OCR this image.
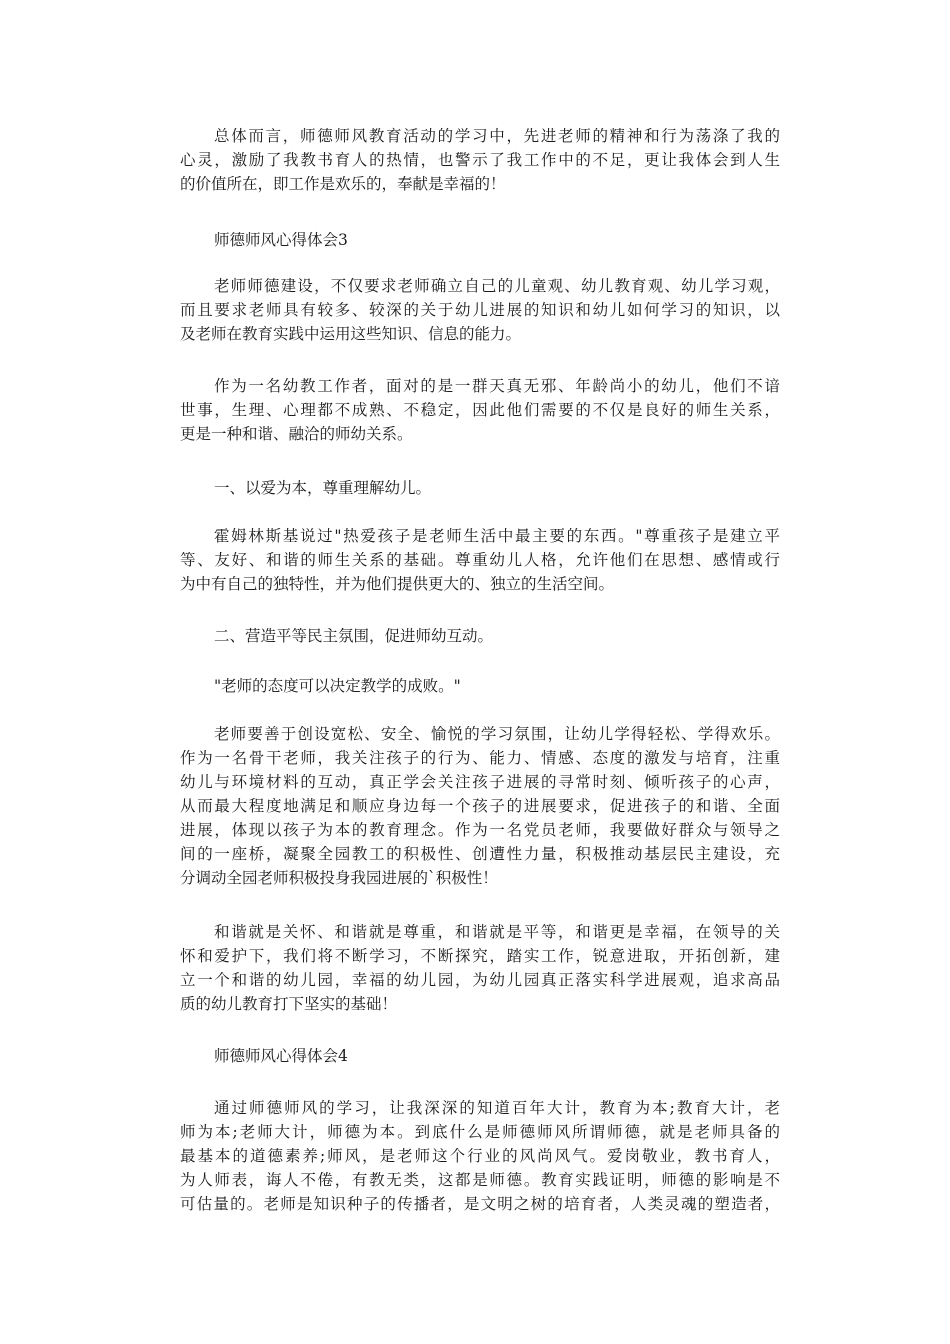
总体而言，师德师风教育活动的学习中，先进老师的精神和行为荡涤了我的
心灵，激励了我教书育人的热情，也警示了我工作中的不足，更让我体会到人生
的价值所在，即工作是欢乐的，奉献是幸福的！
师德师风心得体会3
老师师德建设，不仅要求老师确立自己的儿童观、幼儿教育观、幼儿学习观，
而且要求老师具有较多、较深的关于幼儿进展的知识和幼儿如何学习的知识，以
及老师在教育实践中运用这些知识、信息的能力。
作为一名幼教工作者，面对的是一群天真无邪、年龄尚小的幼儿，他们不谙
世事，生理、心理都不成熟、不稳定，因此他们需要的不仅是良好的师生关系，
更是一种和谐、融洽的师幼关系。
一、以爱为本，尊重理解幼儿。
霍姆林斯基说过"热爱孩子是老师生活中最主要的东西。"尊重孩子是建立平
等、友好、和谐的师生关系的基础。尊重幼儿人格，允许他们在思想、感情或行
为中有自己的独特性，并为他们提供更大的、独立的生活空间。
二、营造平等民主氛围，促进师幼互动。
"老师的态度可以决定教学的成败。"
老师要善于创设宽松、安全、愉悦的学习氛围，让幼儿学得轻松、学得欢乐。
作为一名骨干老师，我关注孩子的行为、能力、情感、态度的激发与培育，注重
幼儿与环境材料的互动，真正学会关注孩子进展的寻常时刻、倾听孩子的心声，
从而最大程度地满足和顺应身边每一个孩子的进展要求，促进孩子的和谐、全面
进展，体现以孩子为本的教育理念。作为一名党员老师，我要做好群众与领导之
间的一座桥，凝聚全园教工的积极性、创遭性力量，积极推动基层民主建设，充
分调动全园老师积极投身我园进展的`积极性！
和谐就是关怀、和谐就是尊重，和谐就是平等，和谐更是幸福，在领导的关
怀和爱护下，我们将不断学习，不断探究，踏实工作，锐意进取，开拓创新，建
立一个和谐的幼儿园，幸福的幼儿园，为幼儿园真正落实科学进展观，追求高品
质的幼儿教育打下坚实的基础！
师德师风心得体会4
通过师德师风的学习，让我深深的知道百年大计，教育为本;教育大计，老
师为本;老师大计，师德为本。到底什么是师德师风所谓师德，就是老师具备的
最基本的道德素养;师风，是老师这个行业的风尚风气。爱岗敬业，教书育人，
为人师表，诲人不倦，有教无类，这都是师德。教育实践证明，师德的影响是不
可估量的。老师是知识种子的传播者，是文明之树的培育者，人类灵魂的塑造者，
